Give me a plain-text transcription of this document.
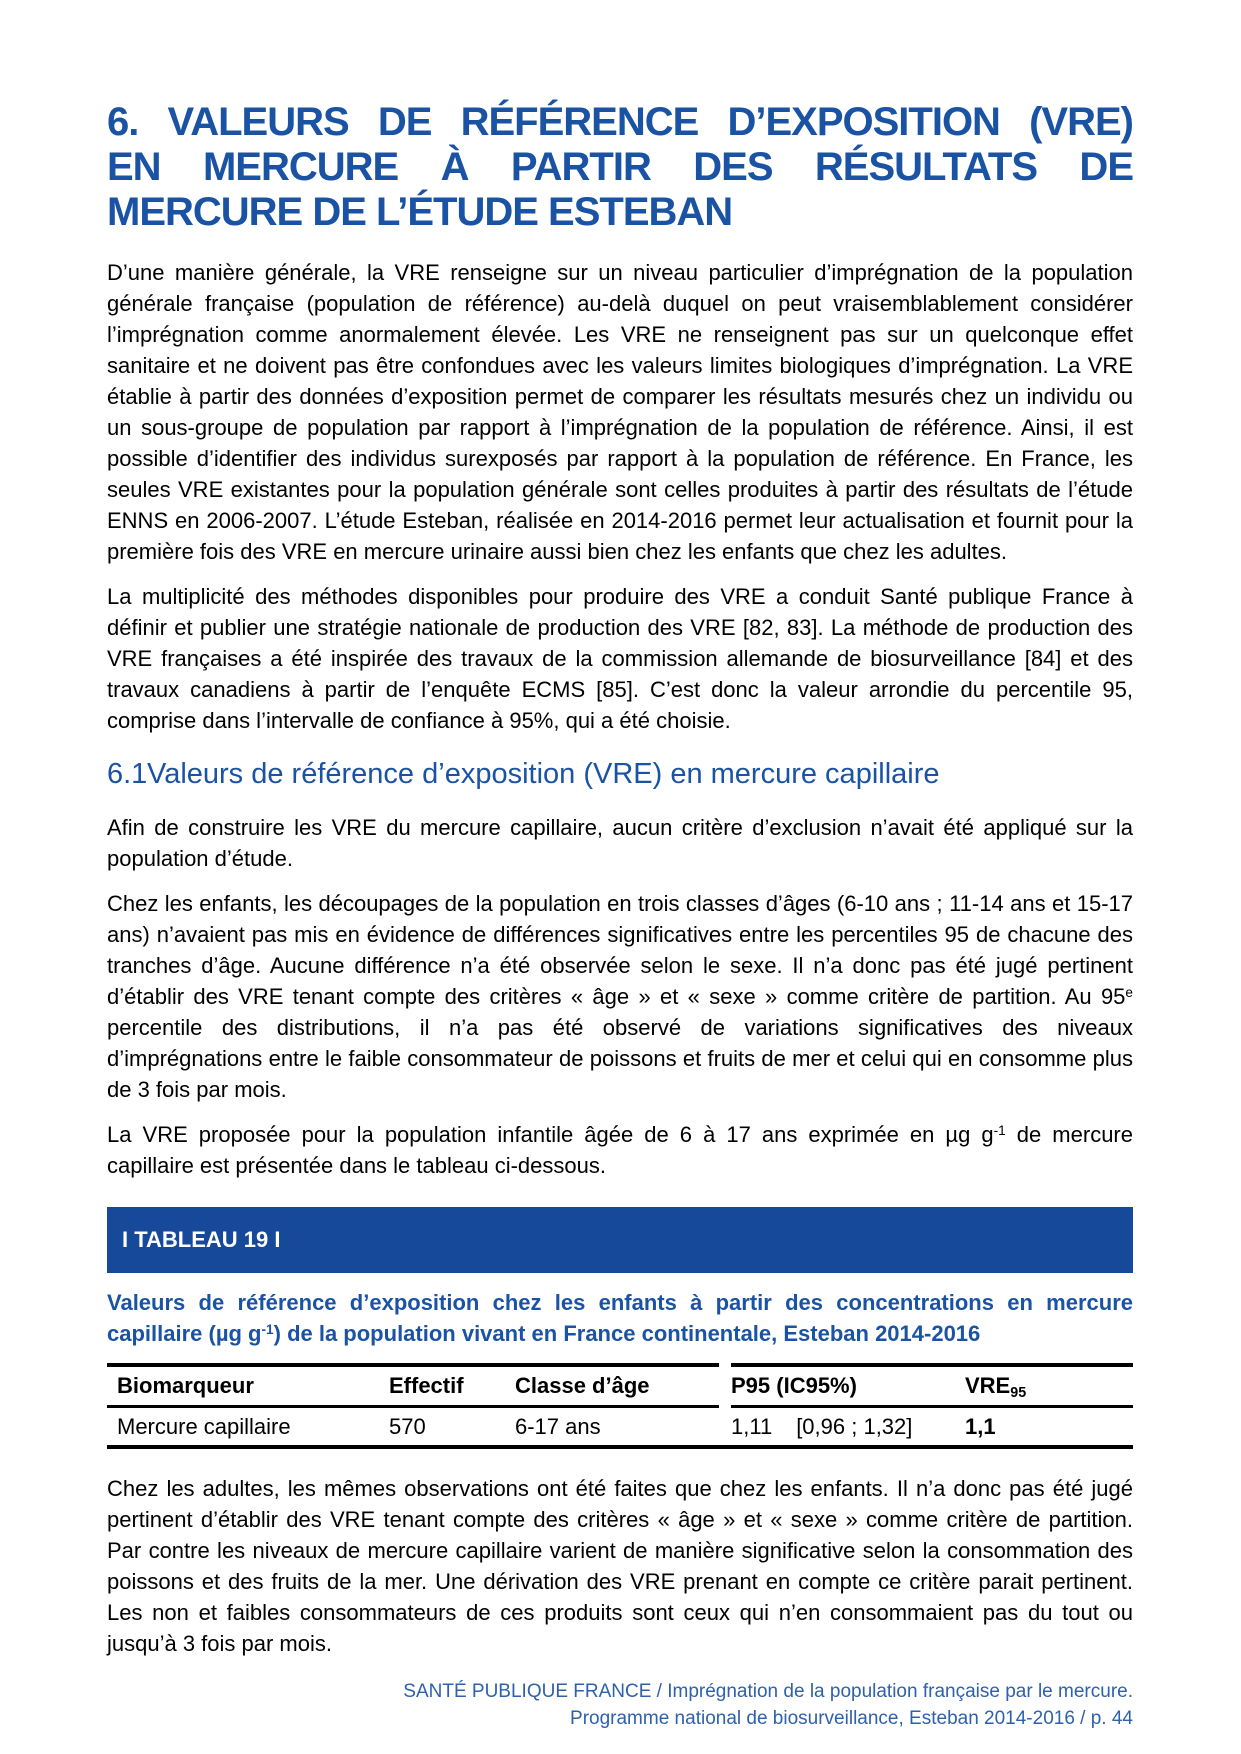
6. VALEURS DE RÉFÉRENCE D’EXPOSITION (VRE)
EN MERCURE À PARTIR DES RÉSULTATS DE
MERCURE DE L’ÉTUDE ESTEBAN

D’une manière générale, la VRE renseigne sur un niveau particulier d’imprégnation de la population générale française (population de référence) au-delà duquel on peut vraisemblablement considérer l’imprégnation comme anormalement élevée. Les VRE ne renseignent pas sur un quelconque effet sanitaire et ne doivent pas être confondues avec les valeurs limites biologiques d’imprégnation. La VRE établie à partir des données d’exposition permet de comparer les résultats mesurés chez un individu ou un sous-groupe de population par rapport à l’imprégnation de la population de référence. Ainsi, il est possible d’identifier des individus surexposés par rapport à la population de référence. En France, les seules VRE existantes pour la population générale sont celles produites à partir des résultats de l’étude ENNS en 2006-2007. L’étude Esteban, réalisée en 2014-2016 permet leur actualisation et fournit pour la première fois des VRE en mercure urinaire aussi bien chez les enfants que chez les adultes.

La multiplicité des méthodes disponibles pour produire des VRE a conduit Santé publique France à définir et publier une stratégie nationale de production des VRE [82, 83]. La méthode de production des VRE françaises a été inspirée des travaux de la commission allemande de biosurveillance [84] et des travaux canadiens à partir de l’enquête ECMS [85]. C’est donc la valeur arrondie du percentile 95, comprise dans l’intervalle de confiance à 95%, qui a été choisie.

6.1Valeurs de référence d’exposition (VRE) en mercure capillaire

Afin de construire les VRE du mercure capillaire, aucun critère d’exclusion n’avait été appliqué sur la population d’étude.

Chez les enfants, les découpages de la population en trois classes d’âges (6-10 ans ; 11-14 ans et 15-17 ans) n’avaient pas mis en évidence de différences significatives entre les percentiles 95 de chacune des tranches d’âge. Aucune différence n’a été observée selon le sexe. Il n’a donc pas été jugé pertinent d’établir des VRE tenant compte des critères « âge » et « sexe » comme critère de partition. Au 95e percentile des distributions, il n’a pas été observé de variations significatives des niveaux d’imprégnations entre le faible consommateur de poissons et fruits de mer et celui qui en consomme plus de 3 fois par mois.

La VRE proposée pour la population infantile âgée de 6 à 17 ans exprimée en µg $g^{-1}$ de mercure capillaire est présentée dans le tableau ci-dessous.

I TABLEAU 19 I
Valeurs de référence d’exposition chez les enfants à partir des concentrations en mercure capillaire (µg $g^{-1}$) de la population vivant en France continentale, Esteban 2014-2016
Biomarqueur	Effectif	Classe d’âge		P95 (IC95%)	VRE95
Mercure capillaire	570	6-17 ans		1,11 [0,96 ; 1,32]	1,1

Chez les adultes, les mêmes observations ont été faites que chez les enfants. Il n’a donc pas été jugé pertinent d’établir des VRE tenant compte des critères « âge » et « sexe » comme critère de partition. Par contre les niveaux de mercure capillaire varient de manière significative selon la consommation des poissons et des fruits de la mer. Une dérivation des VRE prenant en compte ce critère parait pertinent. Les non et faibles consommateurs de ces produits sont ceux qui n’en consommaient pas du tout ou jusqu’à 3 fois par mois.

SANTÉ PUBLIQUE FRANCE / Imprégnation de la population française par le mercure.
Programme national de biosurveillance, Esteban 2014-2016 / p. 44
